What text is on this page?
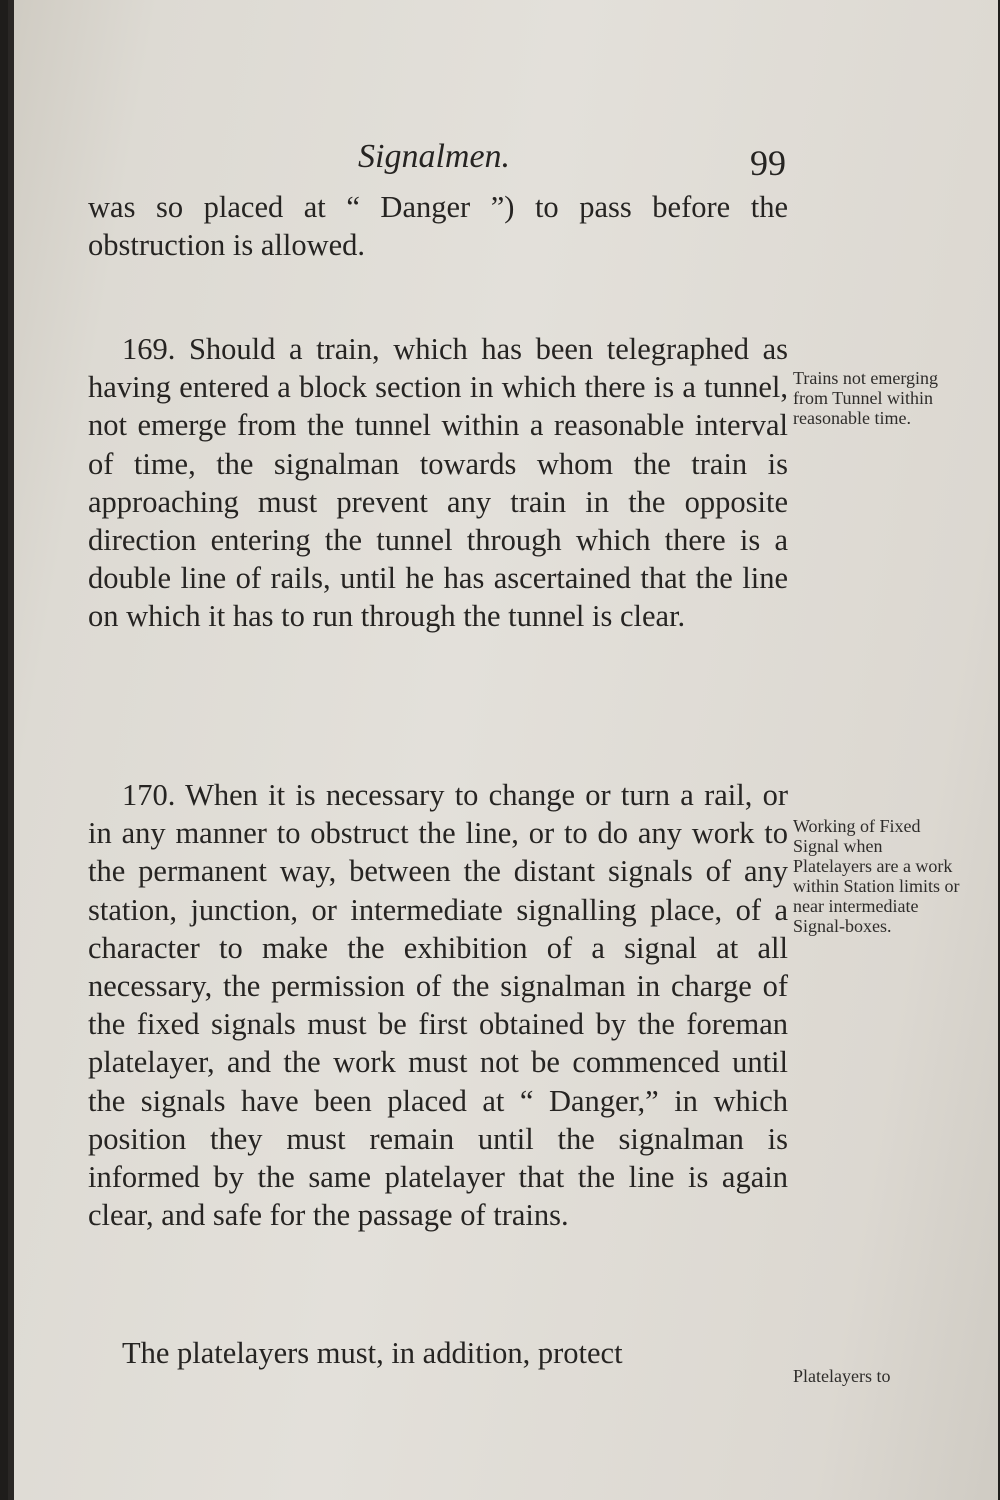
Signalmen.	99

was so placed at “ Danger ”) to pass before the obstruction is allowed.

169. Should a train, which has been telegraphed as having entered a block section in which there is a tunnel, not emerge from the tunnel within a reasonable interval of time, the signalman towards whom the train is approaching must prevent any train in the opposite direction entering the tunnel through which there is a double line of rails, until he has ascertained that the line on which it has to run through the tunnel is clear.

Trains not emerging from Tunnel within reasonable time.

170. When it is necessary to change or turn a rail, or in any manner to obstruct the line, or to do any work to the permanent way, between the distant signals of any station, junction, or intermediate signalling place, of a character to make the exhibition of a signal at all necessary, the permission of the signalman in charge of the fixed signals must be first obtained by the foreman platelayer, and the work must not be commenced until the signals have been placed at “ Danger,” in which position they must remain until the signalman is informed by the same platelayer that the line is again clear, and safe for the passage of trains.

Working of Fixed Signal when Platelayers are a work within Station limits or near intermediate Signal-boxes.

The platelayers must, in addition, protect

Platelayers to
